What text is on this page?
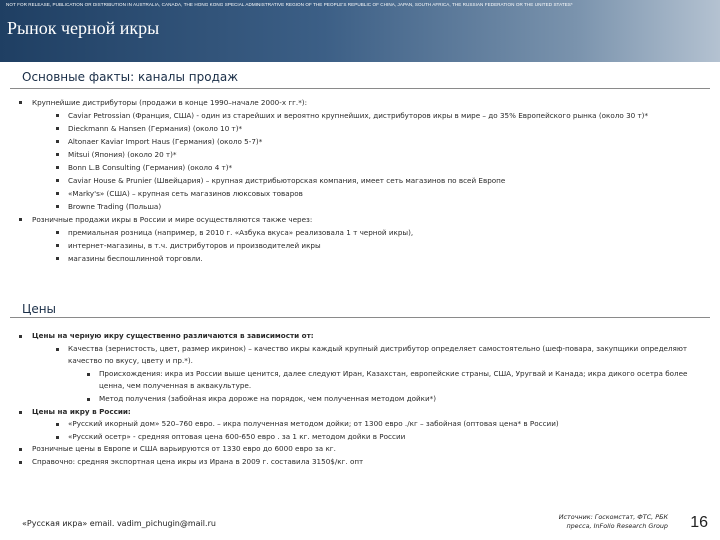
NOT FOR RELEASE, PUBLICATION OR DISTRIBUTION IN AUSTRALIA, CANADA, THE HONG KONG SPECIAL ADMINISTRATIVE REGION OF THE PEOPLE'S REPUBLIC OF CHINA, JAPAN, SOUTH AFRICA, THE RUSSIAN FEDERATION OR THE UNITED STATES*
Рынок черной икры
Основные факты: каналы продаж
Крупнейшие дистрибуторы (продажи в конце 1990–начале 2000-х гг.*):
Caviar Petrossian (Франция, США) - один из старейших и вероятно крупнейших, дистрибуторов икры в мире – до 35% Европейского рынка (около 30 т)*
Dieckmann & Hansen (Германия) (около 10 т)*
Altonaer Kaviar Import Haus (Германия) (около 5-7)*
Mitsui (Япония) (около 20 т)*
Bonn L.B Consulting (Германия) (около 4 т)*
Caviar House & Prunier (Швейцария) – крупная дистрибьюторская компания, имеет сеть магазинов по всей Европе
«Marky's» (США) – крупная сеть магазинов люксовых товаров
Browne Trading (Польша)
Розничные продажи икры в России и мире осуществляются также через:
премиальная розница (например, в 2010 г. «Азбука вкуса» реализовала 1 т черной икры),
интернет-магазины, в т.ч. дистрибуторов и производителей икры
магазины беспошлинной торговли.
Цены
Цены на черную икру существенно различаются в зависимости от:
Качества (зернистость, цвет, размер икринок) – качество икры каждый крупный дистрибутор определяет самостоятельно (шеф-повара, закупщики определяют качество по вкусу, цвету и пр.*).
Происхождения: икра из России выше ценится, далее следуют Иран, Казахстан, европейские страны, США, Уругвай и Канада; икра дикого осетра более ценна, чем полученная в аквакультуре.
Метод получения (забойная икра дороже на порядок, чем полученная методом дойки*)
Цены на икру в России:
«Русский икорный дом» 520–760 евро. – икра полученная методом дойки; от 1300 евро ./кг – забойная (оптовая цена* в России)
«Русский осетр» - средняя оптовая цена 600-650 евро . за 1 кг. методом дойки в России
Розничные цены в Европе и США варьируются от 1330 евро до 6000 евро за кг.
Справочно: средняя экспортная цена икры из Ирана в 2009 г. составила 3150$/кг. опт
«Русская икра» email. vadim_pichugin@mail.ru
Источник: Госкомстат, ФТС, РБК
пресса, InFolio Research Group 16
